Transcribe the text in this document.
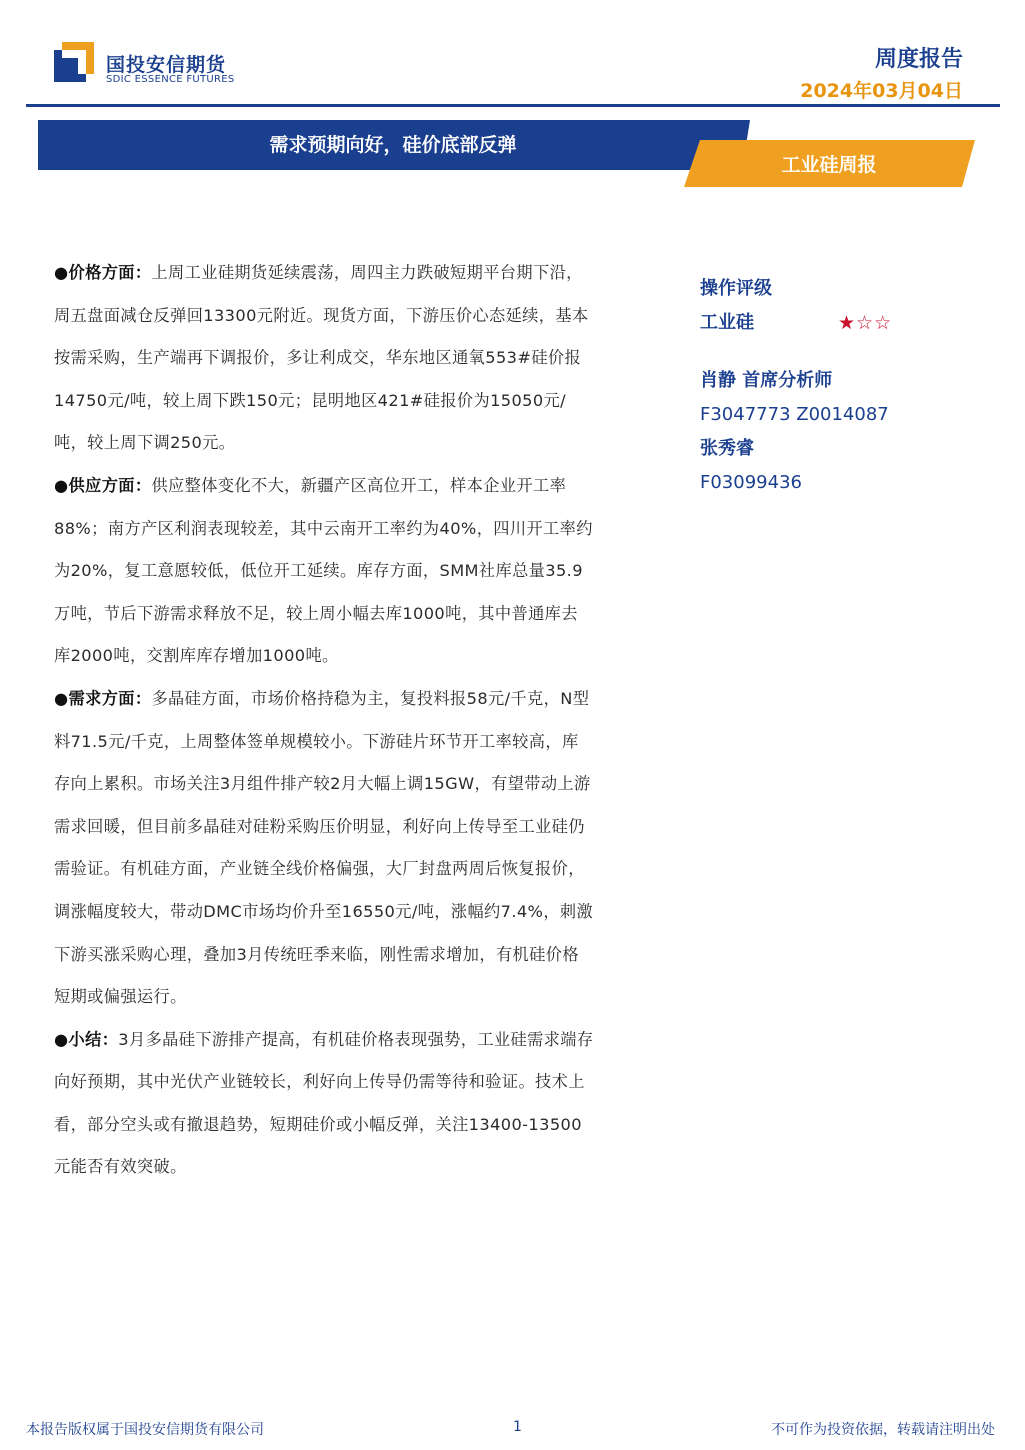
国投安信期货
SDIC ESSENCE FUTURES
周度报告
2024年03月04日
需求预期向好，硅价底部反弹
工业硅周报

●价格方面：上周工业硅期货延续震荡，周四主力跌破短期平台期下沿，周五盘面减仓反弹回13300元附近。现货方面，下游压价心态延续，基本按需采购，生产端再下调报价，多让利成交，华东地区通氧553#硅价报14750元/吨，较上周下跌150元；昆明地区421#硅报价为15050元/吨，较上周下调250元。

●供应方面：供应整体变化不大，新疆产区高位开工，样本企业开工率88%；南方产区利润表现较差，其中云南开工率约为40%，四川开工率约为20%，复工意愿较低，低位开工延续。库存方面，SMM社库总量35.9万吨，节后下游需求释放不足，较上周小幅去库1000吨，其中普通库去库2000吨，交割库库存增加1000吨。

●需求方面：多晶硅方面，市场价格持稳为主，复投料报58元/千克，N型料71.5元/千克，上周整体签单规模较小。下游硅片环节开工率较高，库存向上累积。市场关注3月组件排产较2月大幅上调15GW，有望带动上游需求回暖，但目前多晶硅对硅粉采购压价明显，利好向上传导至工业硅仍需验证。有机硅方面，产业链全线价格偏强，大厂封盘两周后恢复报价，调涨幅度较大，带动DMC市场均价升至16550元/吨，涨幅约7.4%，刺激下游买涨采购心理，叠加3月传统旺季来临，刚性需求增加，有机硅价格短期或偏强运行。

●小结：3月多晶硅下游排产提高，有机硅价格表现强势，工业硅需求端存向好预期，其中光伏产业链较长，利好向上传导仍需等待和验证。技术上看，部分空头或有撤退趋势，短期硅价或小幅反弹，关注13400-13500元能否有效突破。

操作评级
工业硅	★☆☆
肖静 首席分析师
F3047773 Z0014087
张秀睿
F03099436
本报告版权属于国投安信期货有限公司	1	不可作为投资依据，转载请注明出处
